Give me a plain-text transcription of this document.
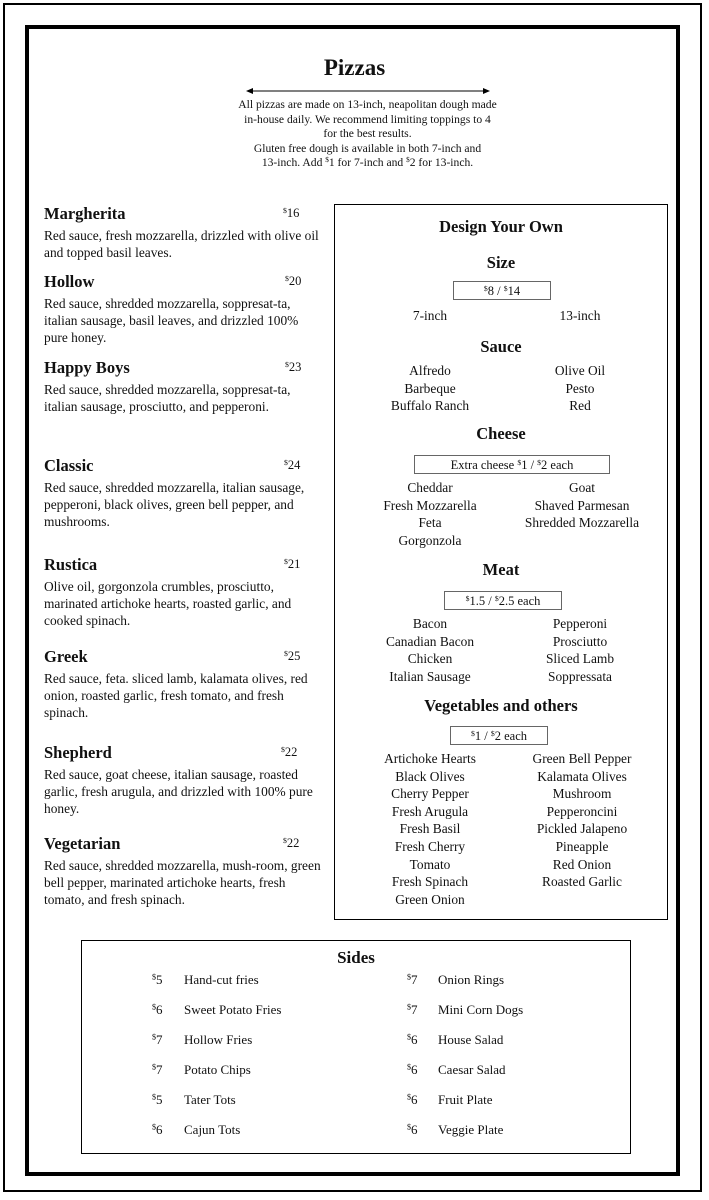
Pizzas

All pizzas are made on 13-inch, neapolitan dough made

in-house daily. We recommend limiting toppings to 4

for the best results.

Gluten free dough is available in both 7-inch and

13-inch. Add $1 for 7-inch and $2 for 13-inch.

Margherita	$16
Red sauce, fresh mozzarella, drizzled with olive oil and topped basil leaves.
Hollow	$20
Red sauce, shredded mozzarella, soppresat-ta, italian sausage, basil leaves, and drizzled 100% pure honey.
Happy Boys	$23
Red sauce, shredded mozzarella, soppresat-ta, italian sausage, prosciutto, and pepperoni.
Classic	$24
Red sauce, shredded mozzarella, italian sausage, pepperoni, black olives, green bell pepper, and mushrooms.
Rustica	$21
Olive oil, gorgonzola crumbles, prosciutto, marinated artichoke hearts, roasted garlic, and cooked spinach.
Greek	$25
Red sauce, feta. sliced lamb, kalamata olives, red onion, roasted garlic, fresh tomato, and fresh spinach.
Shepherd	$22
Red sauce, goat cheese, italian sausage, roasted garlic, fresh arugula, and drizzled with 100% pure honey.
Vegetarian	$22
Red sauce, shredded mozzarella, mush-room, green bell pepper, marinated artichoke hearts, fresh tomato, and fresh spinach.
Design Your Own
Size
$8 / $14
7-inch	13-inch
Sauce
Alfredo
Barbeque
Buffalo Ranch
Olive Oil
Pesto
Red
Cheese
Extra cheese $1 / $2 each
Cheddar
Fresh Mozzarella
Feta
Gorgonzola
Goat
Shaved Parmesan
Shredded Mozzarella
Meat
$1.5 / $2.5 each
Bacon
Canadian Bacon
Chicken
Italian Sausage
Pepperoni
Prosciutto
Sliced Lamb
Soppressata
Vegetables and others
$1 / $2 each
Artichoke Hearts
Black Olives
Cherry Pepper
Fresh Arugula
Fresh Basil
Fresh Cherry
Tomato
Fresh Spinach
Green Onion
Green Bell Pepper
Kalamata Olives
Mushroom
Pepperoncini
Pickled Jalapeno
Pineapple
Red Onion
Roasted Garlic
Sides
$5 Hand-cut fries
$6 Sweet Potato Fries
$7 Hollow Fries
$7 Potato Chips
$5 Tater Tots
$6 Cajun Tots
$7 Onion Rings
$7 Mini Corn Dogs
$6 House Salad
$6 Caesar Salad
$6 Fruit Plate
$6 Veggie Plate
